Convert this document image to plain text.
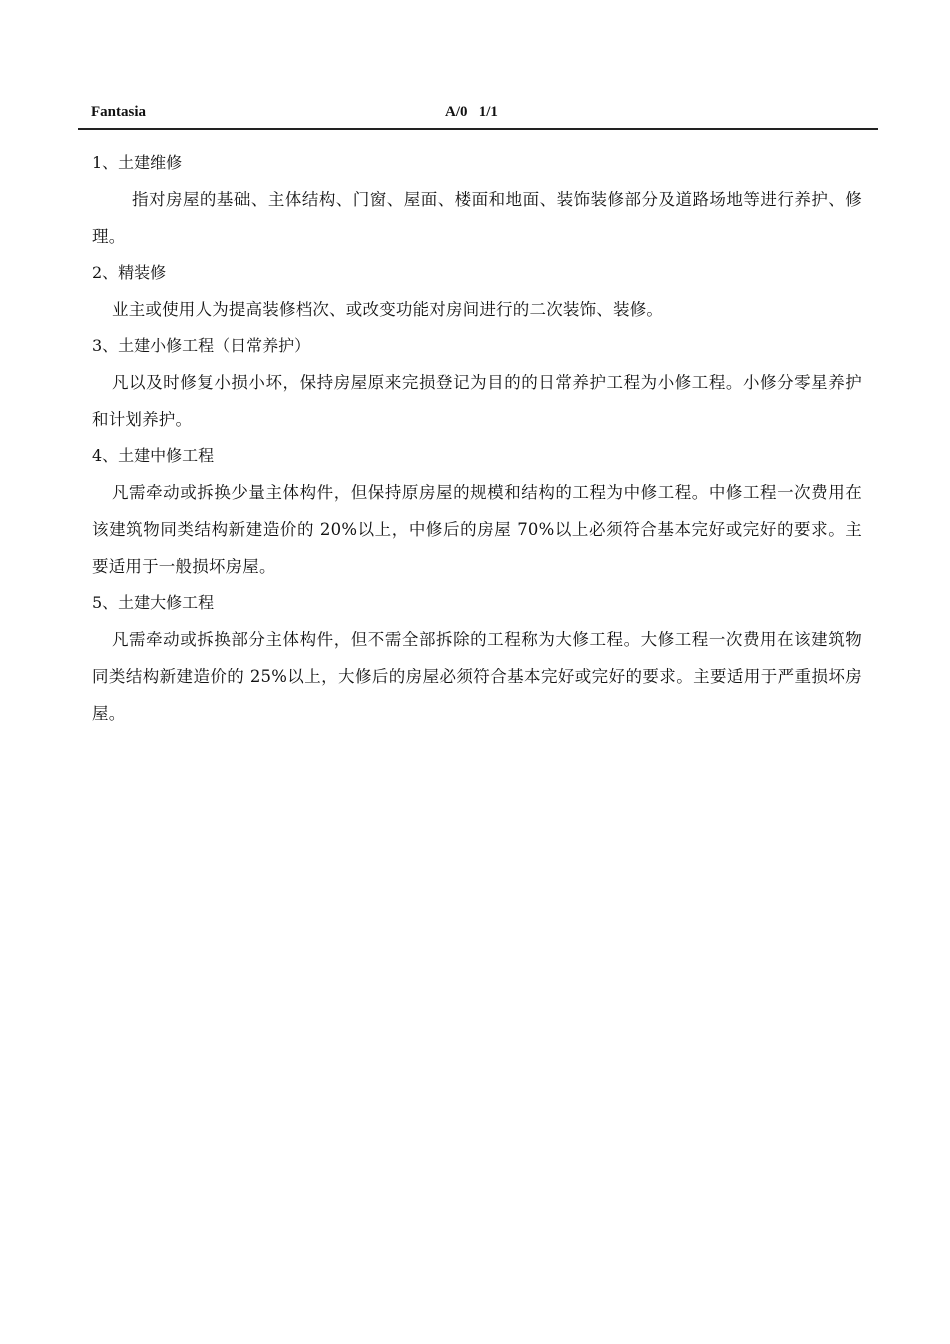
Fantasia	A/0   1/1
1、土建维修
指对房屋的基础、主体结构、门窗、屋面、楼面和地面、装饰装修部分及道路场地等进行养护、修理。
2、精装修
业主或使用人为提高装修档次、或改变功能对房间进行的二次装饰、装修。
3、土建小修工程（日常养护）
凡以及时修复小损小坏，保持房屋原来完损登记为目的的日常养护工程为小修工程。小修分零星养护和计划养护。
4、土建中修工程
凡需牵动或拆换少量主体构件，但保持原房屋的规模和结构的工程为中修工程。中修工程一次费用在该建筑物同类结构新建造价的 20%以上，中修后的房屋 70%以上必须符合基本完好或完好的要求。主要适用于一般损坏房屋。
5、土建大修工程
凡需牵动或拆换部分主体构件，但不需全部拆除的工程称为大修工程。大修工程一次费用在该建筑物同类结构新建造价的 25%以上，大修后的房屋必须符合基本完好或完好的要求。主要适用于严重损坏房屋。
